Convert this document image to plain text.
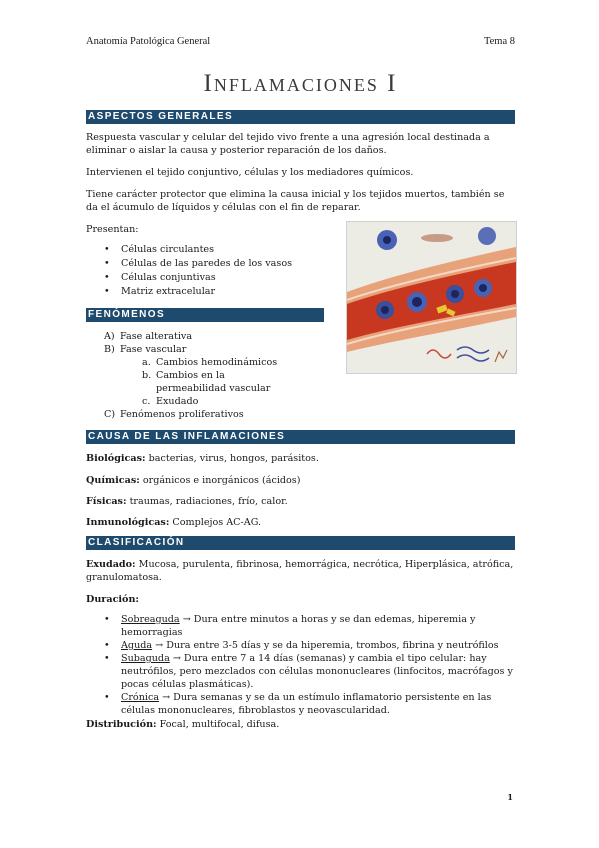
Anatomía Patológica General	Tema 8
Inflamaciones I
ASPECTOS GENERALES
Respuesta vascular y celular del tejido vivo frente a una agresión local destinada a eliminar o aislar la causa y posterior reparación de los daños.
Intervienen el tejido conjuntivo, células y los mediadores químicos.
Tiene carácter protector que elimina la causa inicial y los tejidos muertos, también se da el ácumulo de líquidos y células con el fin de reparar.
Presentan:
• Células circulantes
• Células de las paredes de los vasos
• Células conjuntivas
• Matriz extracelular
FENÓMENOS
A) Fase alterativa
B) Fase vascular
a. Cambios hemodinámicos
b. Cambios en la permeabilidad vascular
c. Exudado
C) Fenómenos proliferativos
CAUSA DE LAS INFLAMACIONES
Biológicas: bacterias, virus, hongos, parásitos.
Químicas: orgánicos e inorgánicos (ácidos)
Físicas: traumas, radiaciones, frío, calor.
Inmunológicas: Complejos AC-AG.
CLASIFICACIÓN
Exudado: Mucosa, purulenta, fibrinosa, hemorrágica, necrótica, Hiperplásica, atrófica, granulomatosa.
Duración:
• Sobreaguda → Dura entre minutos a horas y se dan edemas, hiperemia y hemorragias
• Aguda → Dura entre 3-5 días y se da hiperemia, trombos, fibrina y neutrófilos
• Subaguda → Dura entre 7 a 14 días (semanas) y cambia el tipo celular: hay neutrófilos, pero mezclados con células mononucleares (linfocitos, macrófagos y pocas células plasmáticas).
• Crónica → Dura semanas y se da un estímulo inflamatorio persistente en las células mononucleares, fibroblastos y neovascularidad.
Distribución: Focal, multifocal, difusa.
1
